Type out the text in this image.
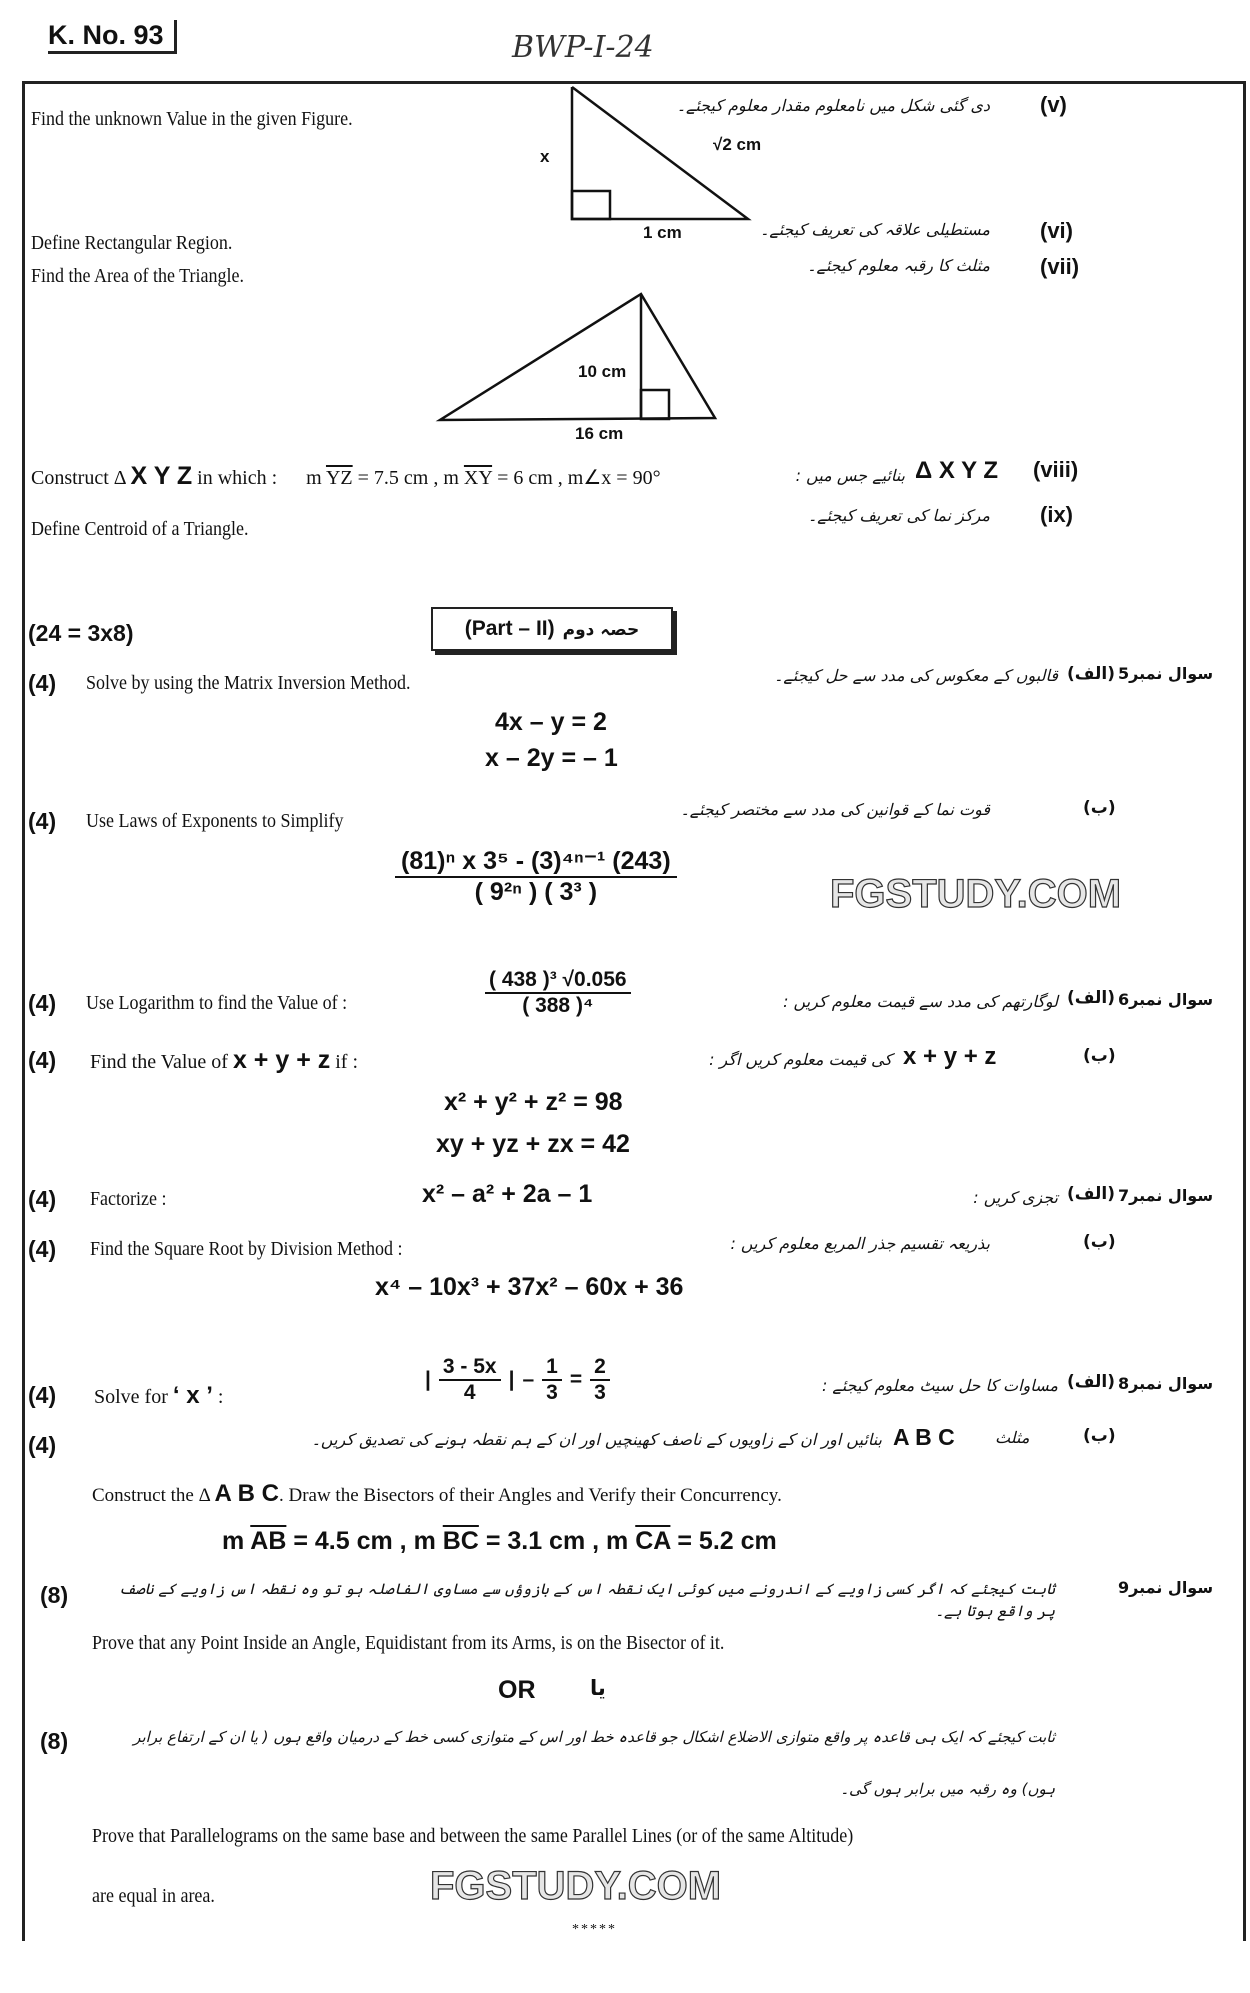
K. No. 93	BWP-I-24
Find the unknown Value in the given Figure.
دی گئی شکل میں نامعلوم مقدار معلوم کیجئے۔ (v)
x
√2 cm
1 cm
Define Rectangular Region.
مستطیلی علاقہ کی تعریف کیجئے۔ (vi)
Find the Area of the Triangle.	مثلث کا رقبہ معلوم کیجئے۔ (vii)
10 cm
16 cm
Construct Δ X Y Z in which : m $\overline{YZ} = 7.5$ cm , m $\overline{XY} = 6$ cm , m∠x = 90°	بنائیے جس میں : Δ X Y Z (viii)
Define Centroid of a Triangle.
مرکز نما کی تعریف کیجئے۔ (ix)
(24 = 3x8)	(Part – II) حصہ دوم
(4) Solve by using the Matrix Inversion Method.	قالبوں کے معکوس کی مدد سے حل کیجئے۔ (الف) سوال نمبر5
4x – y = 2
x – 2y = – 1
(4) Use Laws of Exponents to Simplify
قوت نما کے قوانین کی مدد سے مختصر کیجئے۔	(ب)
$\frac{\text{(81)ⁿ x 3⁵ - (3)⁴ⁿ⁻¹ (243)}}{\text{( 9²ⁿ ) ( 3³ )}}$	FGSTUDY.COM
(4) Use Logarithm to find the Value of :	$\frac{\text{( 438 )³ √0.056}}{\text{( 388 )⁴}}$	لوگارتھم کی مدد سے قیمت معلوم کریں : (الف) سوال نمبر6
(4) Find the Value of x + y + z if :	کی قیمت معلوم کریں اگر : x + y + z	(ب)
x² + y² + z² = 98
xy + yz + zx = 42
(4) Factorize :	x² – a² + 2a – 1	تجزی کریں : (الف) سوال نمبر7
(4) Find the Square Root by Division Method :	بذریعہ تقسیم جذر المربع معلوم کریں :	(ب)
x⁴ – 10x³ + 37x² – 60x + 36
(4) Solve for ‘ x ’ :
| $\frac{3 - 5x}{4}$ | – $\frac{1}{3} = \frac{2}{3}$	مساوات کا حل سیٹ معلوم کیجئے : (الف) سوال نمبر8
(4)	بنائیں اور ان کے زاویوں کے ناصف کھینچیں اور ان کے ہم نقطہ ہونے کی تصدیق کریں۔ A B C	مثلث	(ب)
Construct the Δ A B C. Draw the Bisectors of their Angles and Verify their Concurrency.
m $\overline{AB} = 4.5$ cm , m $\overline{BC} = 3.1$ cm , m $\overline{CA} = 5.2$ cm
سوال نمبر9
(8)	ثابت کیجئے کہ اگر کسی زاویے کے اندرونے میں کوئی ایک نقطہ اس کے بازوؤں سے مساوی الفاصلہ ہو تو وہ نقطہ اس زاویے کے ناصف پر واقع ہوتا ہے۔
Prove that any Point Inside an Angle, Equidistant from its Arms, is on the Bisector of it.
OR	یا
(8)	ثابت کیجئے کہ ایک ہی قاعدہ پر واقع متوازی الاضلاع اشکال جو قاعدہ خط اور اس کے متوازی کسی خط کے درمیان واقع ہوں ( یا ان کے ارتفاع برابر
ہوں) وہ رقبہ میں برابر ہوں گی۔
Prove that Parallelograms on the same base and between the same Parallel Lines (or of the same Altitude)
are equal in area.	FGSTUDY.COM
*****
